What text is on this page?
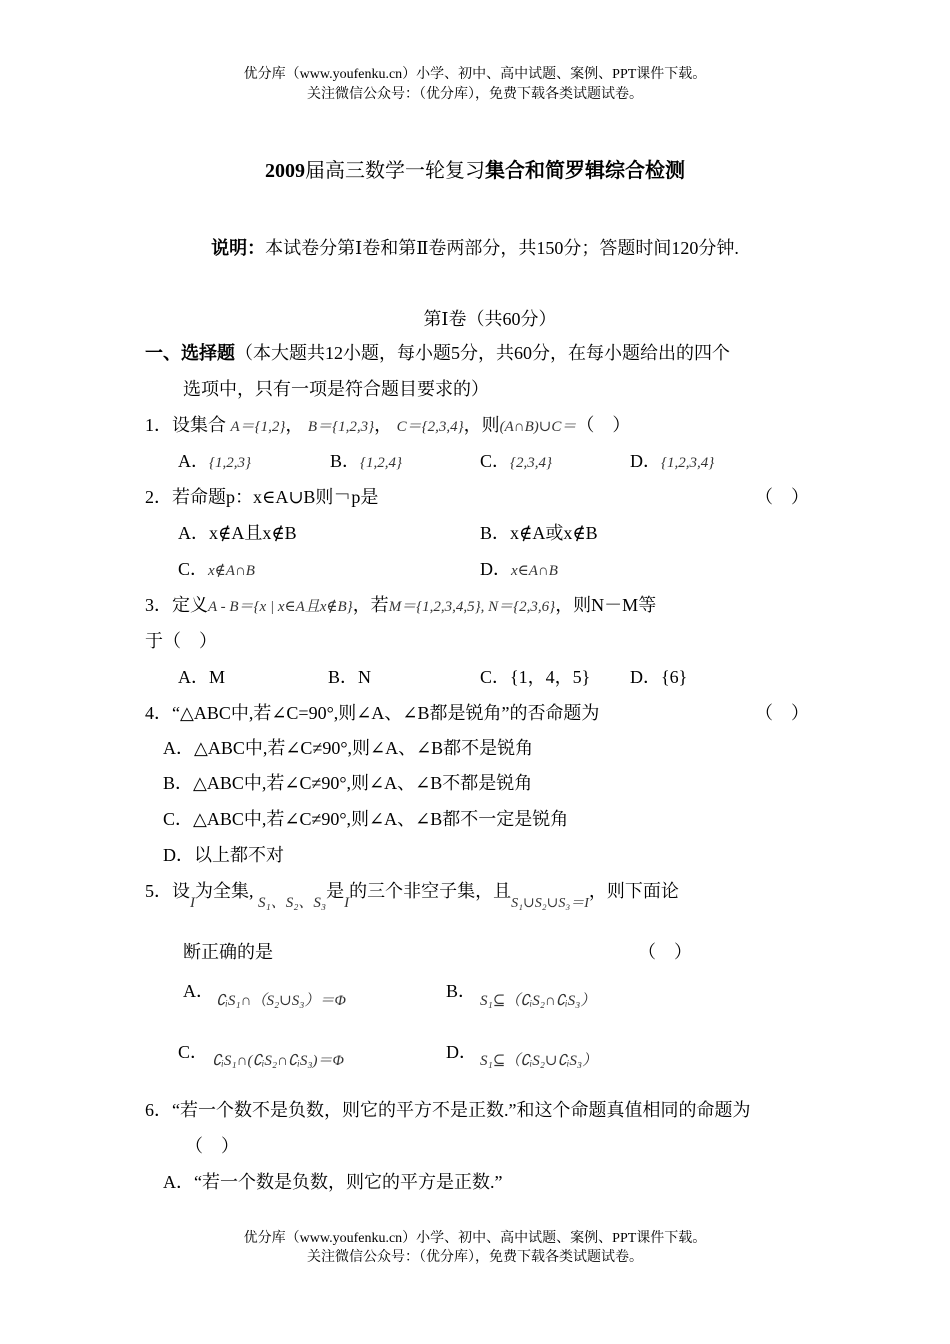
优分库（www.youfenku.cn）小学、初中、高中试题、案例、PPT课件下载。
关注微信公众号：（优分库），免费下载各类试题试卷。
2009届高三数学一轮复习集合和简罗辑综合检测
说明：本试卷分第Ⅰ卷和第Ⅱ卷两部分，共150分；答题时间120分钟.
第Ⅰ卷（共60分）
一、选择题（本大题共12小题，每小题5分，共60分，在每小题给出的四个
选项中，只有一项是符合题目要求的）
1．设集合 A＝{1,2}， B＝{1,2,3}， C＝{2,3,4}，则(A∩B)∪C＝（　）
A．{1,2,3}	B．{1,2,4}	C．{2,3,4}	D．{1,2,3,4}
2．若命题p：x∈A∪B则￢p是	（　）
A．x∉A且x∉B	B．x∉A或x∉B
C．x∉A∩B	D．x∈A∩B
3．定义A - B＝{x | x∈A且x∉B}，若M＝{1,2,3,4,5}, N＝{2,3,6}，则N－M等
于（　）
A．M	B．N	C．{1，4，5} D．{6}
4．“△ABC中,若∠C=90°,则∠A、∠B都是锐角”的否命题为	（　）
A．△ABC中,若∠C≠90°,则∠A、∠B都不是锐角
B．△ABC中,若∠C≠90°,则∠A、∠B不都是锐角
C．△ABC中,若∠C≠90°,则∠A、∠B都不一定是锐角
D．以上都不对
5．设$_I$为全集, $_{S_1、S_2、S_3}$是$_I$的三个非空子集，且$_{S_1\cup S_2\cup S_3=I}$，则下面论
断正确的是	（　）
A． ∁ᵢS₁∩（S₂∪S₃）＝Φ	B． S₁⊆（∁ᵢS₂∩∁ᵢS₃）
C． ∁ᵢS₁∩(∁ᵢS₂∩∁ᵢS₃)＝Φ	D． S₁⊆（∁ᵢS₂∪∁ᵢS₃）
6．“若一个数不是负数，则它的平方不是正数.”和这个命题真值相同的命题为
（　）
A．“若一个数是负数，则它的平方是正数.”
优分库（www.youfenku.cn）小学、初中、高中试题、案例、PPT课件下载。
关注微信公众号：（优分库），免费下载各类试题试卷。
